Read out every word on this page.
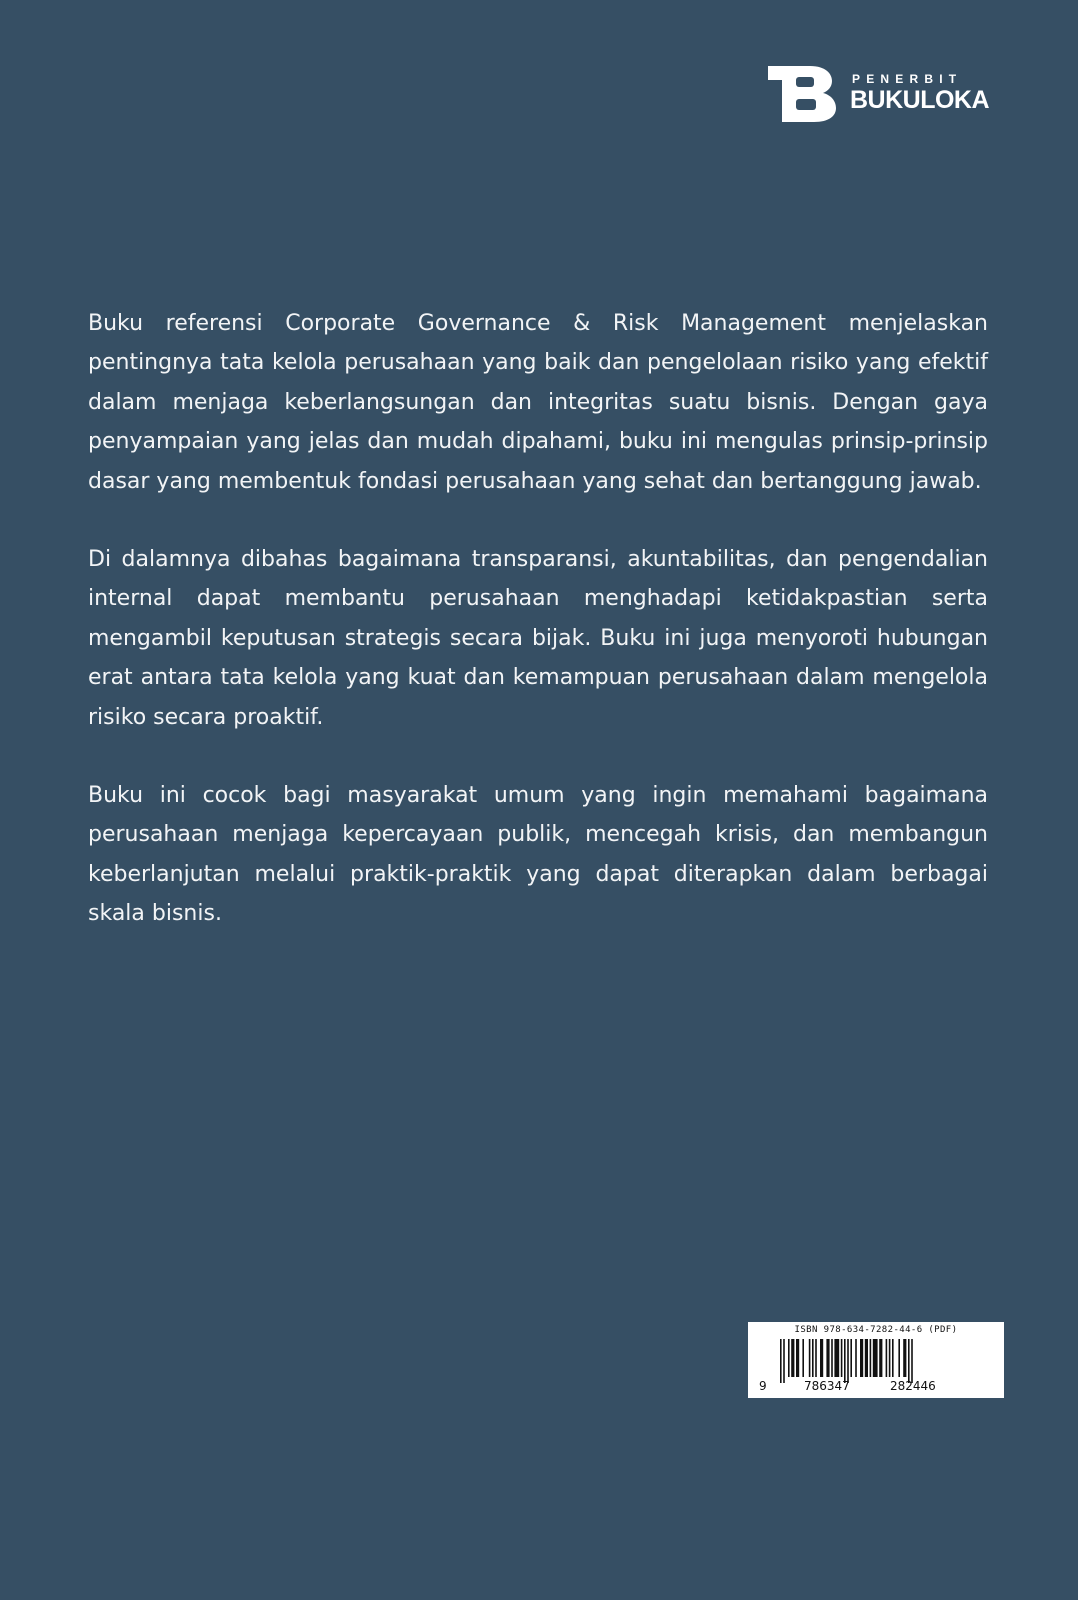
PENERBIT
BUKULOKA

Buku referensi Corporate Governance & Risk Management menjelaskan pentingnya tata kelola perusahaan yang baik dan pengelolaan risiko yang efektif dalam menjaga keberlangsungan dan integritas suatu bisnis. Dengan gaya penyampaian yang jelas dan mudah dipahami, buku ini mengulas prinsip-prinsip dasar yang membentuk fondasi perusahaan yang sehat dan bertanggung jawab.

Di dalamnya dibahas bagaimana transparansi, akuntabilitas, dan pengendalian internal dapat membantu perusahaan menghadapi ketidakpastian serta mengambil keputusan strategis secara bijak. Buku ini juga menyoroti hubungan erat antara tata kelola yang kuat dan kemampuan perusahaan dalam mengelola risiko secara proaktif.

Buku ini cocok bagi masyarakat umum yang ingin memahami bagaimana perusahaan menjaga kepercayaan publik, mencegah krisis, dan membangun keberlanjutan melalui praktik-praktik yang dapat diterapkan dalam berbagai skala bisnis.

ISBN 978-634-7282-44-6 (PDF)
9	786347	282446
